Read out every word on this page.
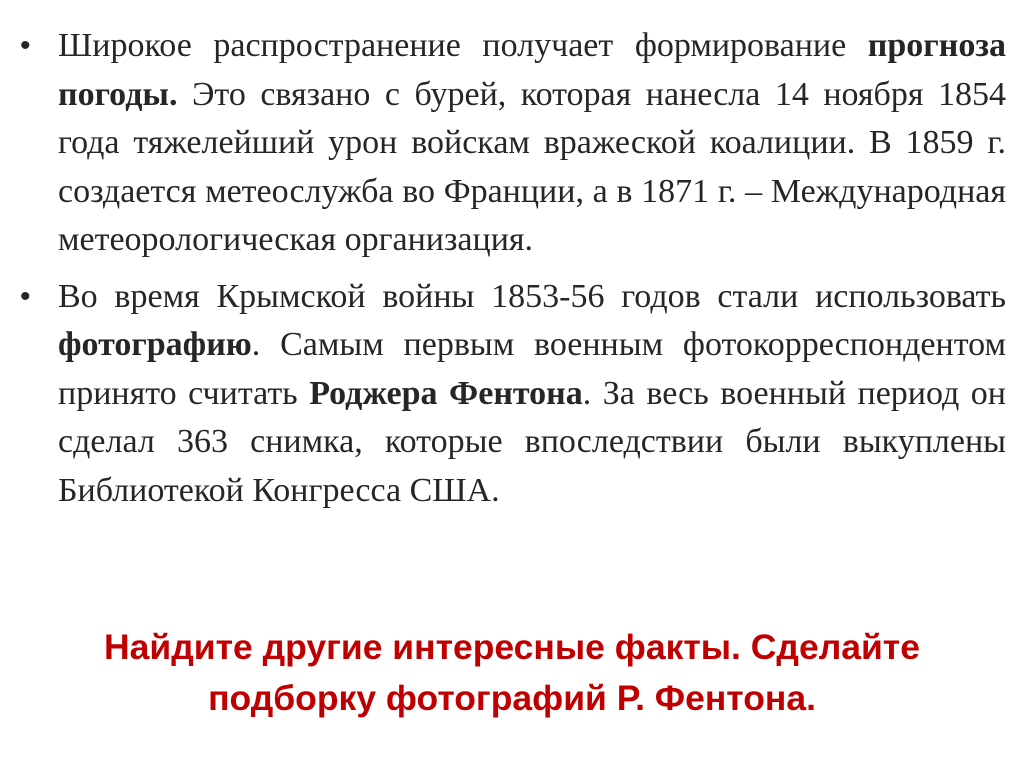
• Широкое распространение получает формирование прогноза погоды. Это связано с бурей, которая нанесла 14 ноября 1854 года тяжелейший урон войскам вражеской коалиции. В 1859 г. создается метеослужба во Франции, а в 1871 г. – Международная метеорологическая организация.
• Во время Крымской войны 1853-56 годов стали использовать фотографию. Самым первым военным фотокорреспондентом принято считать Роджера Фентона. За весь военный период он сделал 363 снимка, которые впоследствии были выкуплены Библиотекой Конгресса США.
Найдите другие интересные факты. Сделайте
подборку фотографий Р. Фентона.
